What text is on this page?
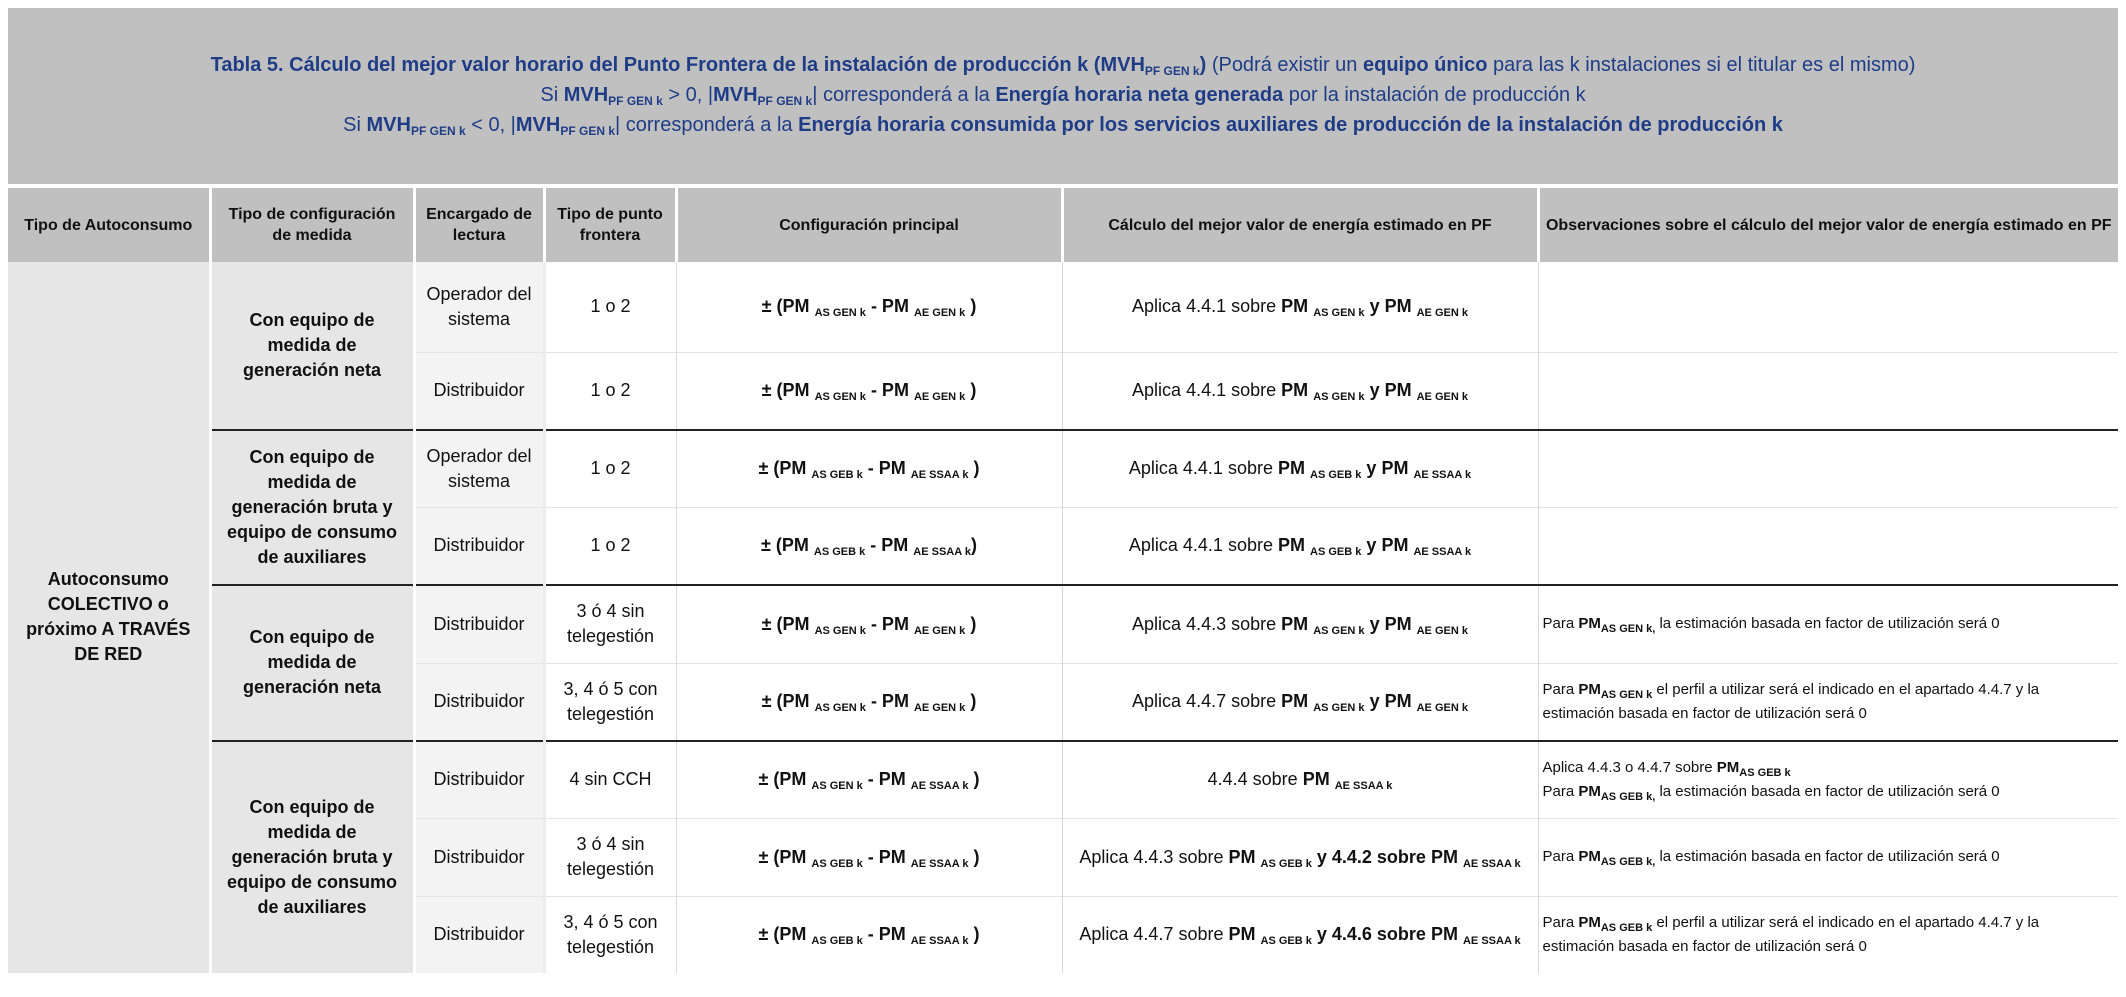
Tabla 5. Cálculo del mejor valor horario del Punto Frontera de la instalación de producción k $(MVH_{PF GEN k})$ (Podrá existir un equipo único para las k instalaciones si el titular es el mismo)
Si $MVH_{PF GEN k} > 0$, $|MVH_{PF GEN k}|$ corresponderá a la Energía horaria neta generada por la instalación de producción k
Si $MVH_{PF GEN k} < 0$, $|MVH_{PF GEN k}|$ corresponderá a la Energía horaria consumida por los servicios auxiliares de producción de la instalación de producción k
Tipo de Autoconsumo	Tipo de configuración de medida	Encargado de lectura	Tipo de punto frontera	Configuración principal	Cálculo del mejor valor de energía estimado en PF	Observaciones sobre el cálculo del mejor valor de energía estimado en PF
Autoconsumo COLECTIVO o próximo A TRAVÉS DE RED	Con equipo de medida de generación neta	Operador del sistema	1 o 2	± (PM $_{AS GEN k}$ - PM $_{AE GEN k}$ )	Aplica 4.4.1 sobre PM $_{AS GEN k}$ y PM $_{AE GEN k}$	
		Distribuidor	1 o 2	± (PM $_{AS GEN k}$ - PM $_{AE GEN k}$ )	Aplica 4.4.1 sobre PM $_{AS GEN k}$ y PM $_{AE GEN k}$	
	Con equipo de medida de generación bruta y equipo de consumo de auxiliares	Operador del sistema	1 o 2	± (PM $_{AS GEB k}$ - PM $_{AE SSAA k}$ )	Aplica 4.4.1 sobre PM $_{AS GEB k}$ y PM $_{AE SSAA k}$	
		Distribuidor	1 o 2	± (PM $_{AS GEB k}$ - PM $_{AE SSAA k}$)	Aplica 4.4.1 sobre PM $_{AS GEB k}$ y PM $_{AE SSAA k}$	
	Con equipo de medida de generación neta	Distribuidor	3 ó 4 sin telegestión	± (PM $_{AS GEN k}$ - PM $_{AE GEN k}$ )	Aplica 4.4.3 sobre PM $_{AS GEN k}$ y PM $_{AE GEN k}$	Para $PM_{AS GEN k,}$ la estimación basada en factor de utilización será 0
		Distribuidor	3, 4 ó 5 con telegestión	± (PM $_{AS GEN k}$ - PM $_{AE GEN k}$ )	Aplica 4.4.7 sobre PM $_{AS GEN k}$ y PM $_{AE GEN k}$	Para $PM_{AS GEN k}$ el perfil a utilizar será el indicado en el apartado 4.4.7 y la estimación basada en factor de utilización será 0
	Con equipo de medida de generación bruta y equipo de consumo de auxiliares	Distribuidor	4 sin CCH	± (PM $_{AS GEN k}$ - PM $_{AE SSAA k}$ )	4.4.4 sobre PM $_{AE SSAA k}$	Aplica 4.4.3 o 4.4.7 sobre $PM_{AS GEB k}$
Para $PM_{AS GEB k,}$ la estimación basada en factor de utilización será 0
		Distribuidor	3 ó 4 sin telegestión	± (PM $_{AS GEB k}$ - PM $_{AE SSAA k}$ )	Aplica 4.4.3 sobre PM $_{AS GEB k}$ y 4.4.2 sobre PM $_{AE SSAA k}$	Para $PM_{AS GEB k,}$ la estimación basada en factor de utilización será 0
		Distribuidor	3, 4 ó 5 con telegestión	± (PM $_{AS GEB k}$ - PM $_{AE SSAA k}$ )	Aplica 4.4.7 sobre PM $_{AS GEB k}$ y 4.4.6 sobre PM $_{AE SSAA k}$	Para $PM_{AS GEB k}$ el perfil a utilizar será el indicado en el apartado 4.4.7 y la estimación basada en factor de utilización será 0
